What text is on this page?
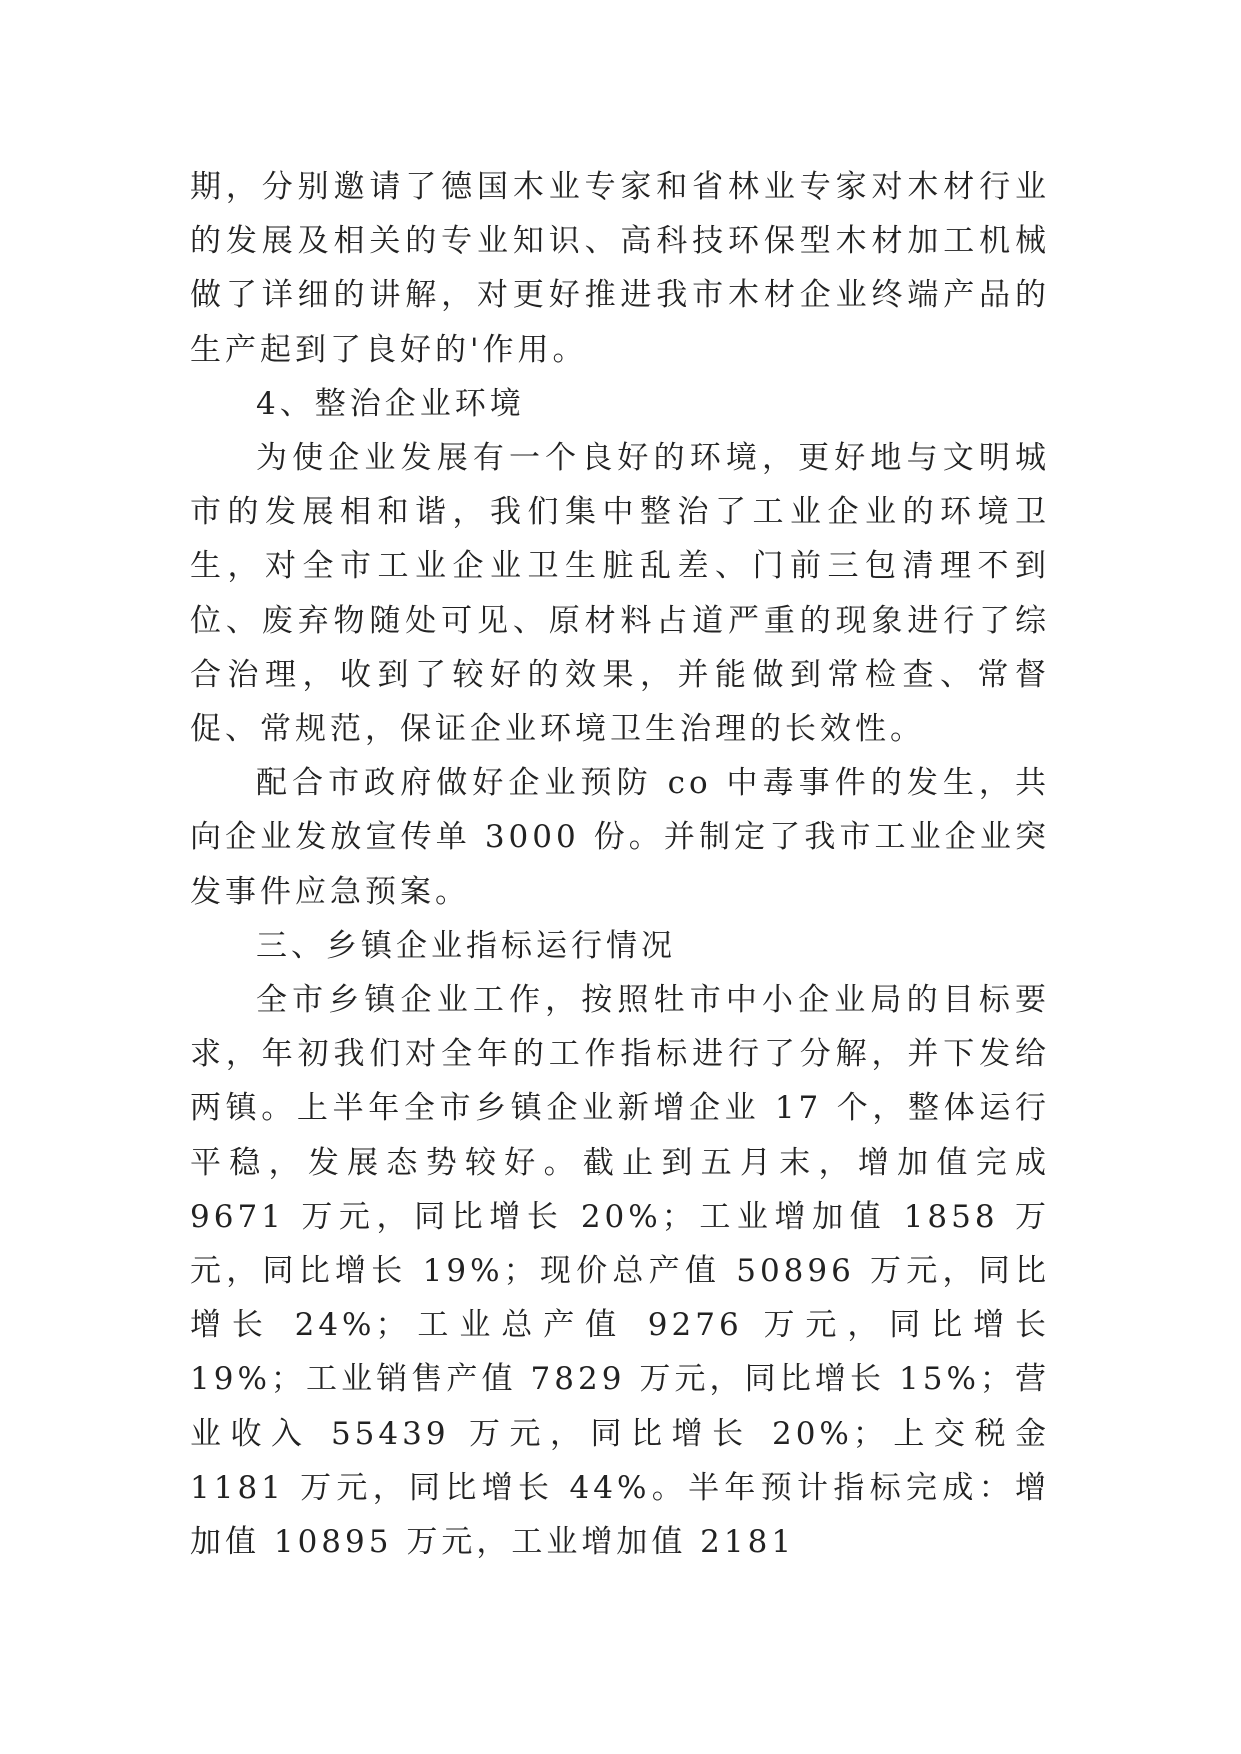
期，分别邀请了德国木业专家和省林业专家对木材行业的发展及相关的专业知识、高科技环保型木材加工机械做了详细的讲解，对更好推进我市木材企业终端产品的生产起到了良好的'作用。

4、整治企业环境

为使企业发展有一个良好的环境，更好地与文明城市的发展相和谐，我们集中整治了工业企业的环境卫生，对全市工业企业卫生脏乱差、门前三包清理不到位、废弃物随处可见、原材料占道严重的现象进行了综合治理，收到了较好的效果，并能做到常检查、常督促、常规范，保证企业环境卫生治理的长效性。

配合市政府做好企业预防 co 中毒事件的发生，共向企业发放宣传单 3000 份。并制定了我市工业企业突发事件应急预案。

三、乡镇企业指标运行情况

全市乡镇企业工作，按照牡市中小企业局的目标要求，年初我们对全年的工作指标进行了分解，并下发给两镇。上半年全市乡镇企业新增企业 17 个，整体运行平稳，发展态势较好。截止到五月末，增加值完成 9671 万元，同比增长 20%；工业增加值 1858 万元，同比增长 19%；现价总产值 50896 万元，同比增长 24%；工业总产值 9276 万元，同比增长 19%；工业销售产值 7829 万元，同比增长 15%；营业收入 55439 万元，同比增长 20%；上交税金 1181 万元，同比增长 44%。半年预计指标完成：增加值 10895 万元，工业增加值 2181
